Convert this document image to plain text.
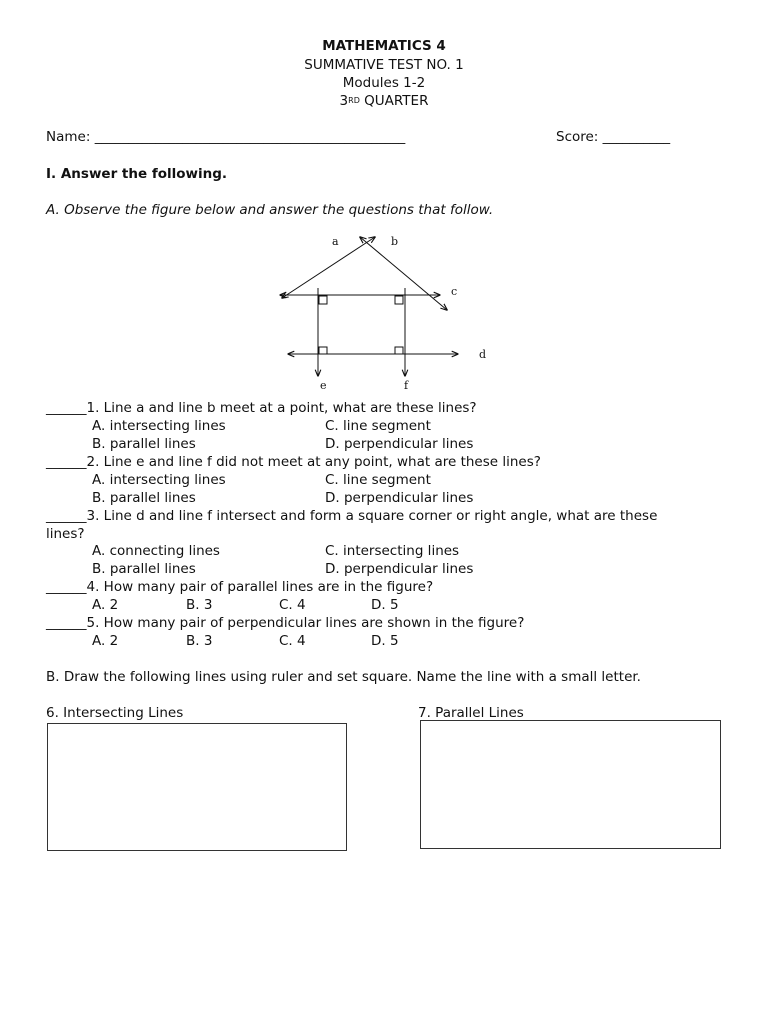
MATHEMATICS 4
SUMMATIVE TEST NO. 1
Modules 1-2
3RD QUARTER
Name: ______________________________________________	Score: __________
I. Answer the following.
A. Observe the figure below and answer the questions that follow.
a	b
c
d
e	f
______1. Line a and line b meet at a point, what are these lines?
A. intersecting lines	C. line segment
B. parallel lines	D. perpendicular lines
______2. Line e and line f did not meet at any point, what are these lines?
A. intersecting lines	C. line segment
B. parallel lines	D. perpendicular lines
______3. Line d and line f intersect and form a square corner or right angle, what are these
lines?
A. connecting lines	C. intersecting lines
B. parallel lines	D. perpendicular lines
______4. How many pair of parallel lines are in the figure?
A. 2	B. 3	C. 4	D. 5
______5. How many pair of perpendicular lines are shown in the figure?
A. 2	B. 3	C. 4	D. 5
B. Draw the following lines using ruler and set square. Name the line with a small letter.
6. Intersecting Lines	7. Parallel Lines
